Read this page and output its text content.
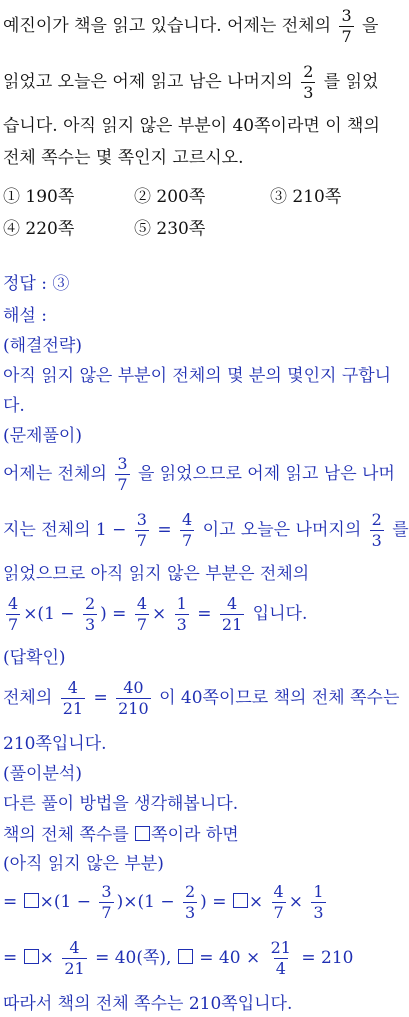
예진이가 책을 읽고 있습니다. 어제는 전체의 $\frac{3}{7}$ 을
읽었고 오늘은 어제 읽고 남은 나머지의 $\frac{2}{3}$ 를 읽었
습니다. 아직 읽지 않은 부분이 40쪽이라면 이 책의
전체 쪽수는 몇 쪽인지 고르시오.
① 190쪽	② 200쪽	③ 210쪽
④ 220쪽	⑤ 230쪽
정답 : ③
해설 :
(해결전략)
아직 읽지 않은 부분이 전체의 몇 분의 몇인지 구합니
다.
(문제풀이)
어제는 전체의 $\frac{3}{7}$ 을 읽었으므로 어제 읽고 남은 나머
지는 전체의 $1 - \frac{3}{7} = \frac{4}{7}$ 이고 오늘은 나머지의 $\frac{2}{3}$ 를
읽었으므로 아직 읽지 않은 부분은 전체의
$\frac{4}{7} \times(1 - \frac{2}{3}$ ) = $\frac{4}{7} \times \frac{1}{3} = \frac{4}{21}$ 입니다.
(답확인)
전체의 $\frac{4}{21} = \frac{40}{210}$ 이 40쪽이므로 책의 전체 쪽수는
210쪽입니다.
(풀이분석)
다른 풀이 방법을 생각해봅니다.
책의 전체 쪽수를 쪽이라 하면
(아직 읽지 않은 부분)
= $\times(1 - \frac{3}{7} )\times(1 - \frac{2}{3}$ ) = × $\frac{4}{7} \times \frac{1}{3}$
= × $\frac{4}{21} = 40$(쪽), = $40 \times \frac{21}{4} = 210$
따라서 책의 전체 쪽수는 210쪽입니다.
